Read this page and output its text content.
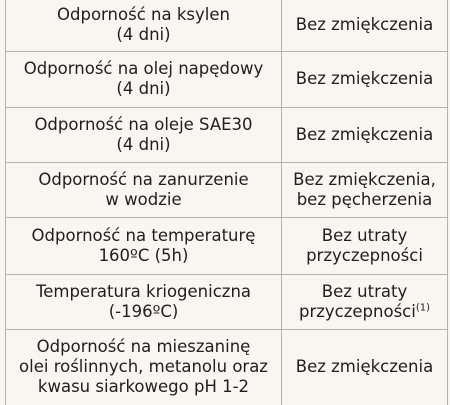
Odporność na ksylen
(4 dni)	Bez zmiękczenia
Odporność na olej napędowy
(4 dni)	Bez zmiękczenia
Odporność na oleje SAE30
(4 dni)	Bez zmiękczenia
Odporność na zanurzenie
w wodzie	Bez zmiękczenia,
bez pęcherzenia
Odporność na temperaturę
160ºC (5h)	Bez utraty
przyczepności
Temperatura kriogeniczna
(-196ºC)	Bez utraty
przyczepności$^{(1)}$
Odporność na mieszaninę
olei roślinnych, metanolu oraz
kwasu siarkowego pH 1-2	Bez zmiękczenia
